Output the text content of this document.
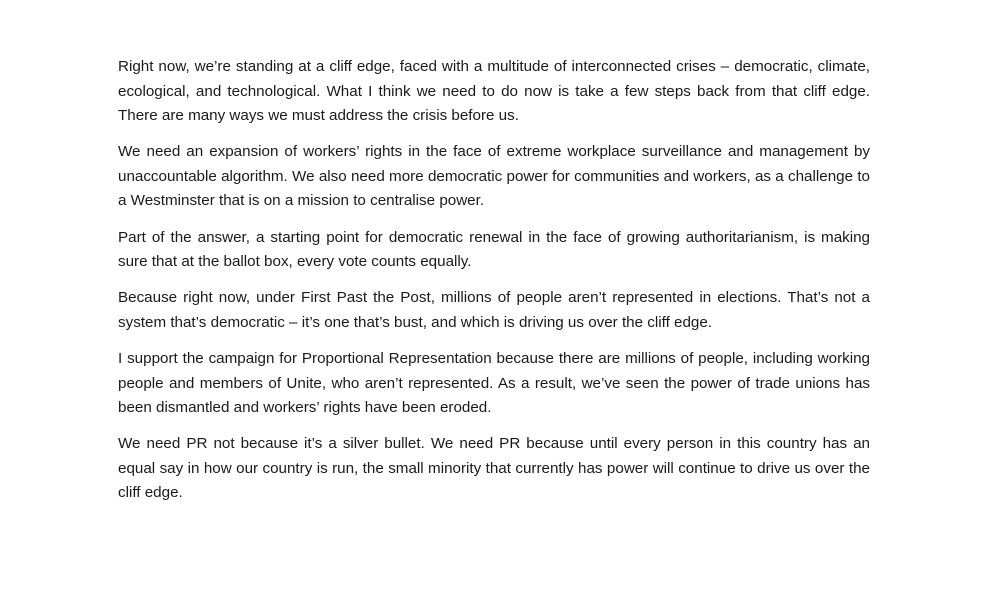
Right now, we’re standing at a cliff edge, faced with a multitude of interconnected crises – democratic, climate, ecological, and technological. What I think we need to do now is take a few steps back from that cliff edge. There are many ways we must address the crisis before us.

We need an expansion of workers’ rights in the face of extreme workplace surveillance and management by unaccountable algorithm. We also need more democratic power for communities and workers, as a challenge to a Westminster that is on a mission to centralise power.

Part of the answer, a starting point for democratic renewal in the face of growing authoritarianism, is making sure that at the ballot box, every vote counts equally.

Because right now, under First Past the Post, millions of people aren’t represented in elections. That’s not a system that’s democratic – it’s one that’s bust, and which is driving us over the cliff edge.

I support the campaign for Proportional Representation because there are millions of people, including working people and members of Unite, who aren’t represented. As a result, we’ve seen the power of trade unions has been dismantled and workers’ rights have been eroded.

We need PR not because it’s a silver bullet. We need PR because until every person in this country has an equal say in how our country is run, the small minority that currently has power will continue to drive us over the cliff edge.
